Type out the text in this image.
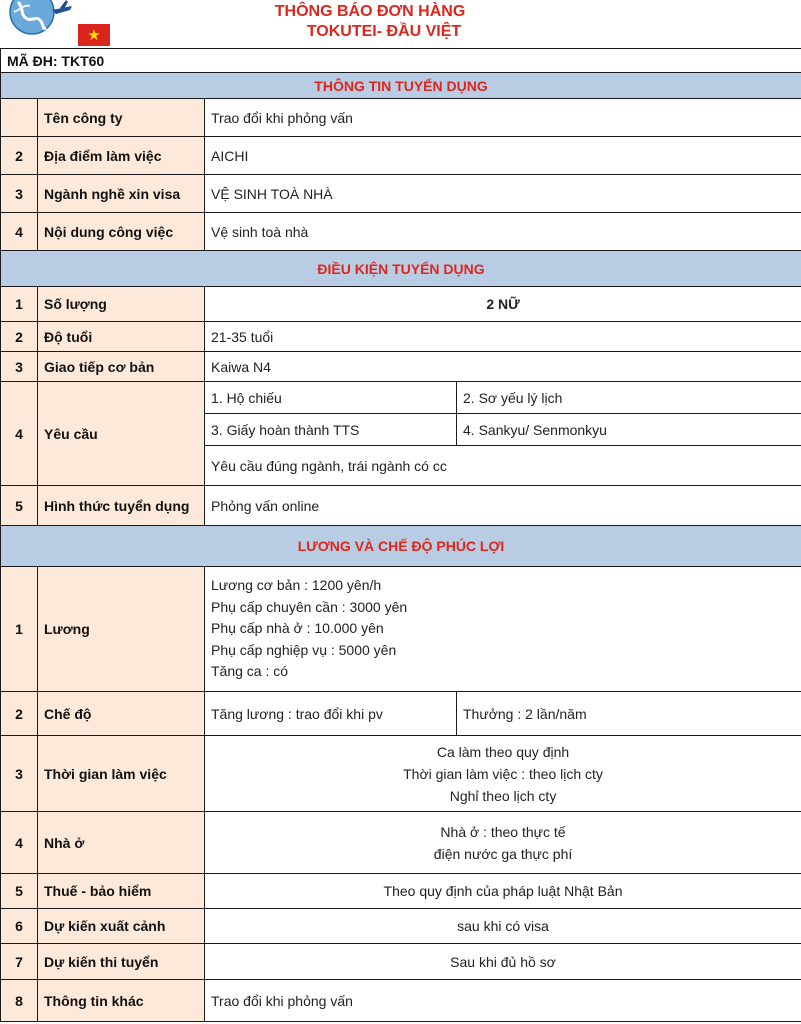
★
THÔNG BÁO ĐƠN HÀNG
TOKUTEI- ĐẦU VIỆT
MÃ ĐH: TKT60			
THÔNG TIN TUYỂN DỤNG			
	Tên công ty	Trao đổi khi phỏng vấn	
2	Địa điểm làm việc	AICHI	
3	Ngành nghề xin visa	VỆ SINH TOÀ NHÀ	
4	Nội dung công việc	Vệ sinh toà nhà	
ĐIỀU KIỆN TUYỂN DỤNG			
1	Số lượng	2 NỮ	
2	Độ tuổi	21-35 tuổi	
3	Giao tiếp cơ bản	Kaiwa N4	
4	Yêu cầu	1. Hộ chiếu	2. Sơ yếu lý lịch
		3. Giấy hoàn thành TTS	4. Sankyu/ Senmonkyu
		Yêu cầu đúng ngành, trái ngành có cc	
5	Hình thức tuyển dụng	Phỏng vấn online	
LƯƠNG VÀ CHẾ ĐỘ PHÚC LỢI			
1	Lương	Lương cơ bản : 1200 yên/h
Phụ cấp chuyên cần : 3000 yên
Phụ cấp nhà ở : 10.000 yên
Phụ cấp nghiệp vụ : 5000 yên
Tăng ca : có	

2	Chế độ	Tăng lương : trao đổi khi pv	Thưởng : 2 lần/năm
3	Thời gian làm việc	Ca làm theo quy định
Thời gian làm việc : theo lịch cty
Nghỉ theo lịch cty	

4	Nhà ở	Nhà ở : theo thực tế
điện nước ga thực phí	

5	Thuế - bảo hiểm	Theo quy định của pháp luật Nhật Bản	
6	Dự kiến xuất cảnh	sau khi có visa	
7	Dự kiến thi tuyển	Sau khi đủ hồ sơ	
8	Thông tin khác	Trao đổi khi phỏng vấn	
